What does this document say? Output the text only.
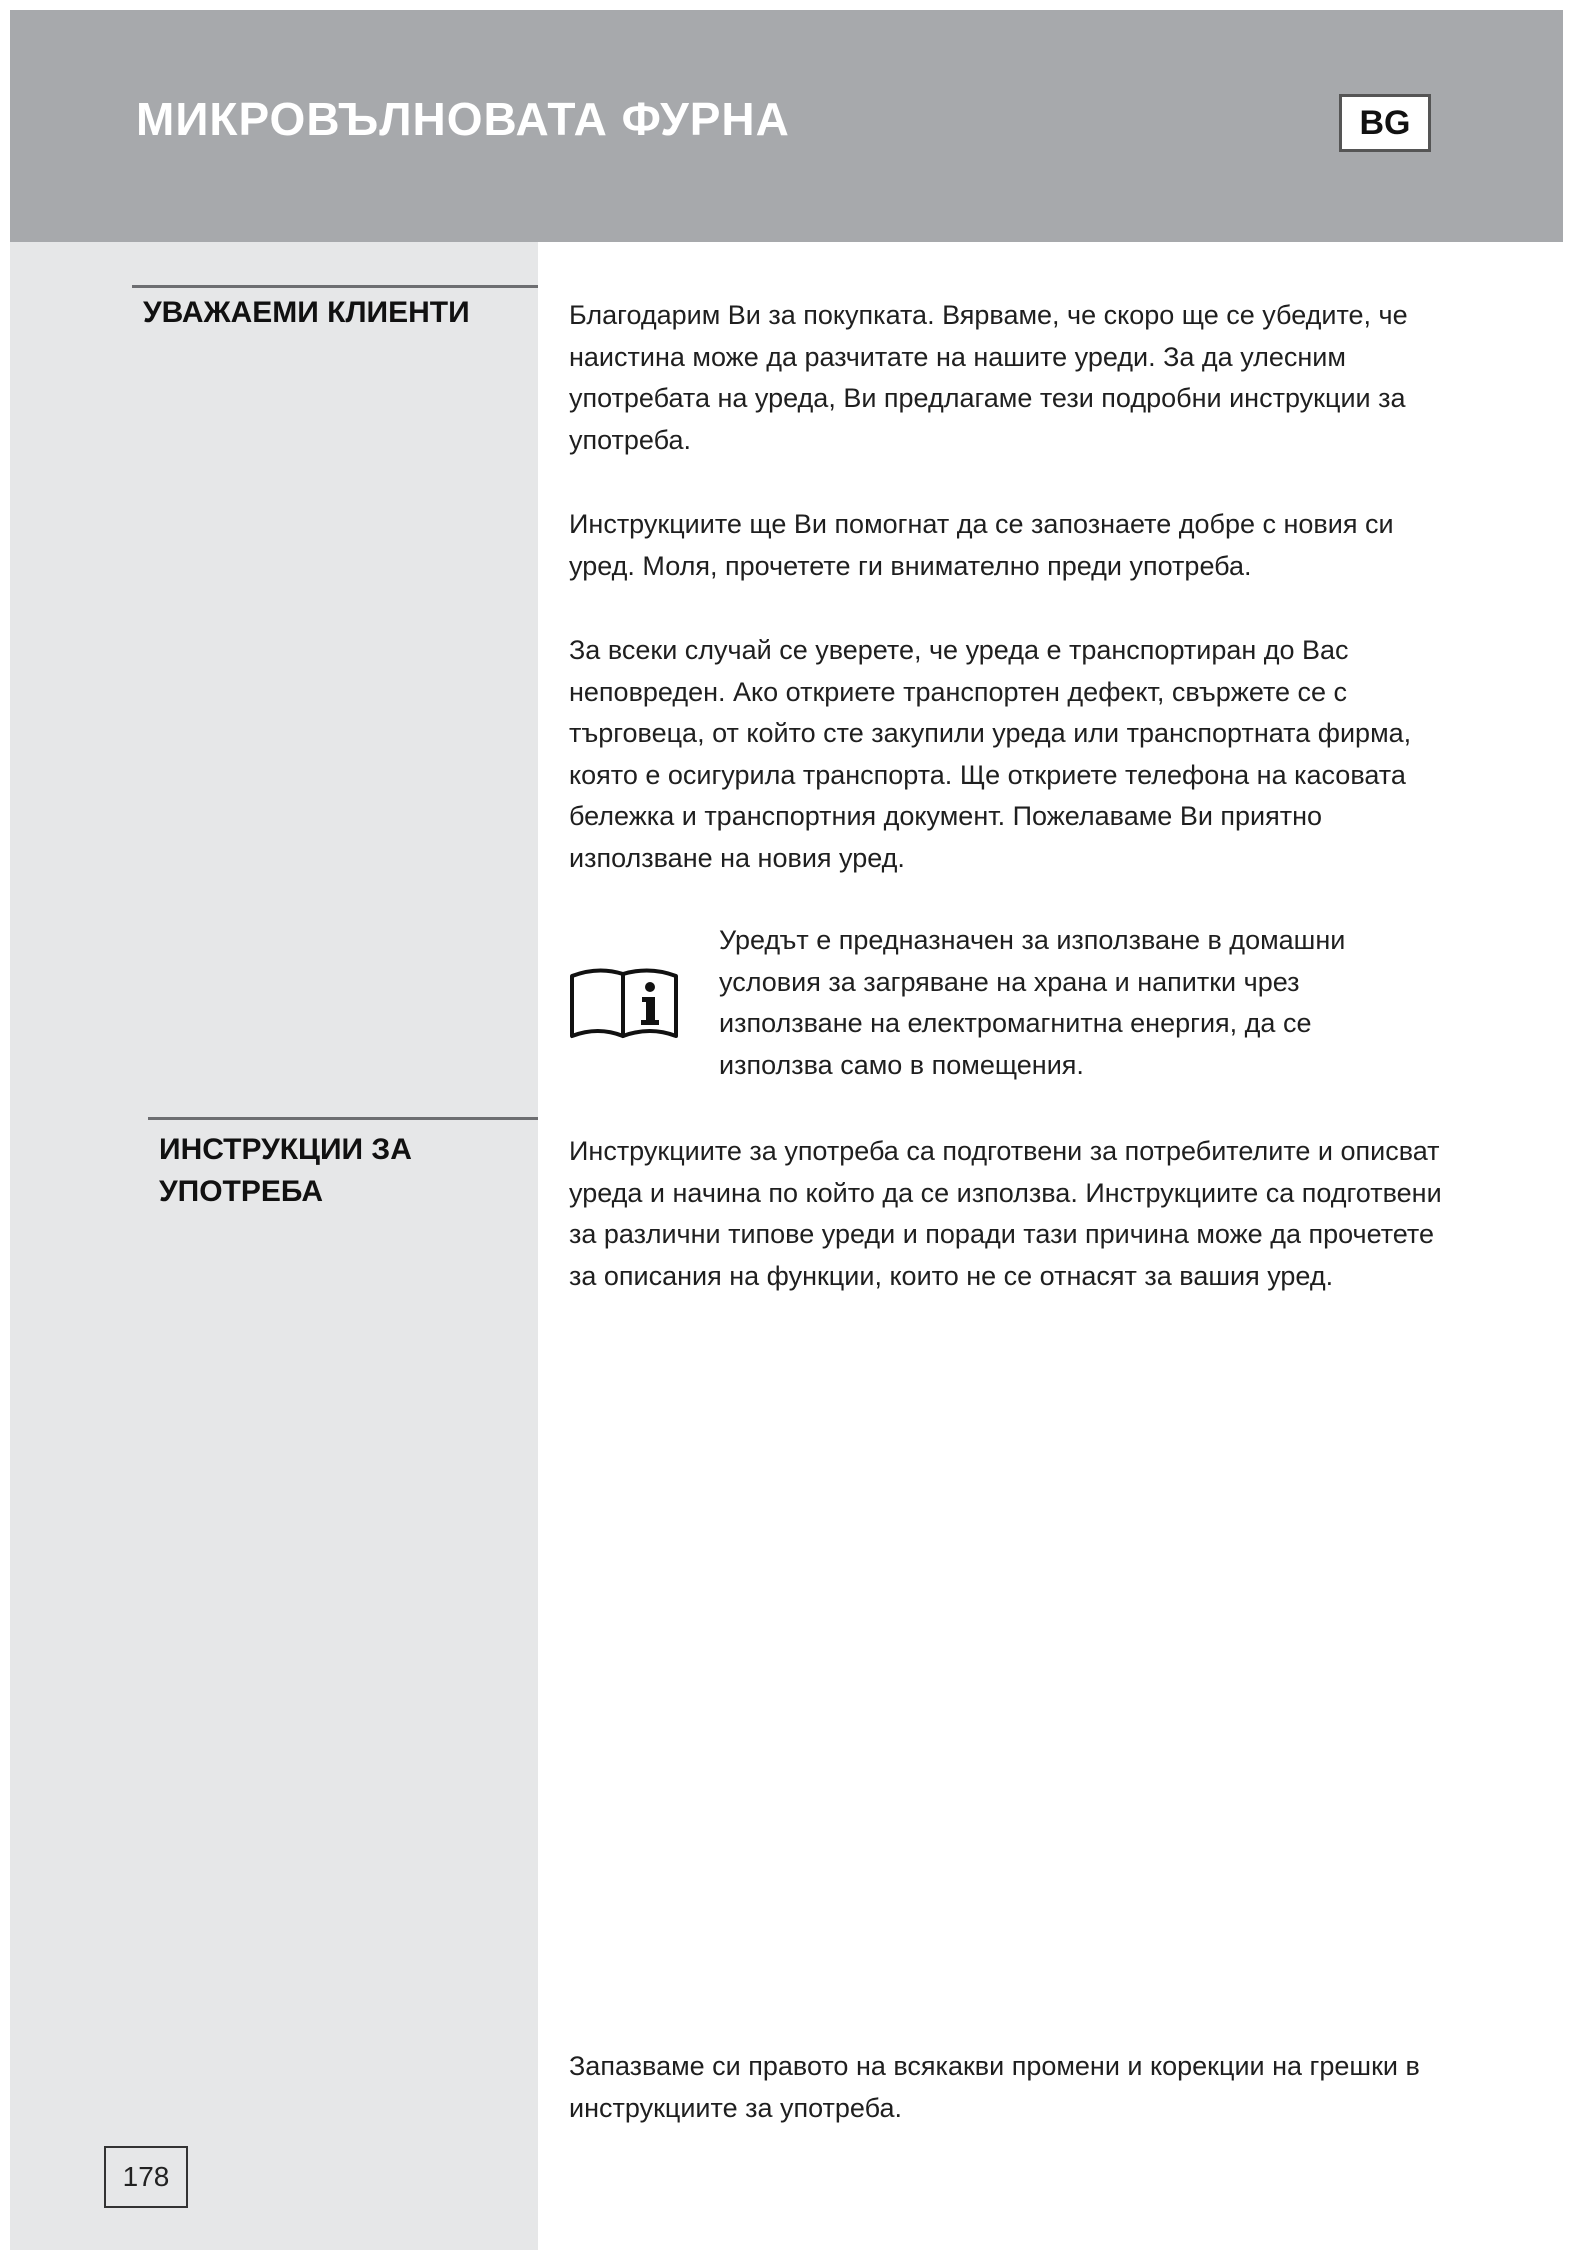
МИКРОВЪЛНОВАТА ФУРНА	BG
УВАЖАЕМИ КЛИЕНТИ	Благодарим Ви за покупката. Вярваме, че скоро ще се убедите, че наистина може да разчитате на нашите уреди. За да улесним употребата на уреда, Ви предлагаме тези подробни инструкции за употреба.

Инструкциите ще Ви помогнат да се запознаете добре с новия си уред. Моля, прочетете ги внимателно преди употреба.

За всеки случай се уверете, че уреда е транспортиран до Вас неповреден. Ако откриете транспортен дефект, свържете се с търговеца, от който сте закупили уреда или транспортната фирма, която е осигурила транспорта. Ще откриете телефона на касовата бележка и транспортния документ. Пожелаваме Ви приятно използване на новия уред.

Уредът е предназначен за използване в домашни условия за загряване на храна и напитки чрез използване на електромагнитна енергия, да се използва само в помещения.

ИНСТРУКЦИИ ЗА УПОТРЕБА

Инструкциите за употреба са подготвени за потребителите и описват уреда и начина по който да се използва. Инструкциите са подготвени за различни типове уреди и поради тази причина може да прочетете за описания на функции, които не се отнасят за вашия уред.

Запазваме си правото на всякакви промени и корекции на грешки в инструкциите за употреба.

178
